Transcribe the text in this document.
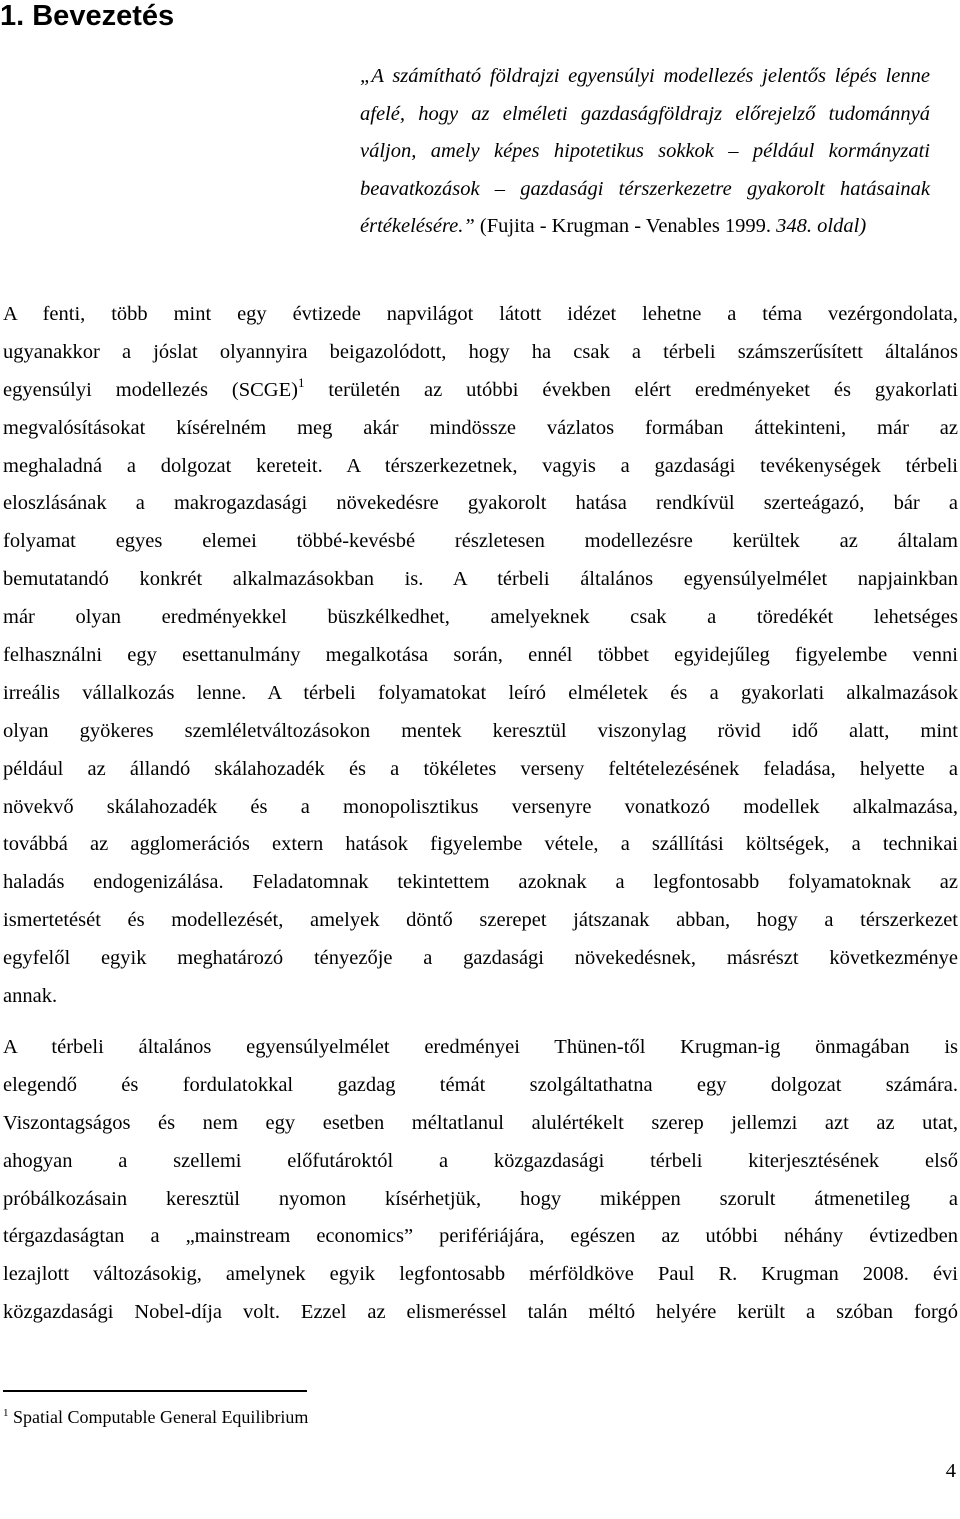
1. Bevezetés

„A számítható földrajzi egyensúlyi modellezés jelentős lépés lenne afelé, hogy az elméleti gazdaságföldrajz előrejelző tudománnyá váljon, amely képes hipotetikus sokkok – például kormányzati beavatkozások – gazdasági térszerkezetre gyakorolt hatásainak értékelésére.” (Fujita - Krugman - Venables 1999. 348. oldal)

A fenti, több mint egy évtizede napvilágot látott idézet lehetne a téma vezérgondolata,
ugyanakkor a jóslat olyannyira beigazolódott, hogy ha csak a térbeli számszerűsített általános
egyensúlyi modellezés (SCGE)$^1$ területén az utóbbi években elért eredményeket és gyakorlati
megvalósításokat kísérelném meg akár mindössze vázlatos formában áttekinteni, már az
meghaladná a dolgozat kereteit. A térszerkezetnek, vagyis a gazdasági tevékenységek térbeli
eloszlásának a makrogazdasági növekedésre gyakorolt hatása rendkívül szerteágazó, bár a
folyamat egyes elemei többé-kevésbé részletesen modellezésre kerültek az általam
bemutatandó konkrét alkalmazásokban is. A térbeli általános egyensúlyelmélet napjainkban
már olyan eredményekkel büszkélkedhet, amelyeknek csak a töredékét lehetséges
felhasználni egy esettanulmány megalkotása során, ennél többet egyidejűleg figyelembe venni
irreális vállalkozás lenne. A térbeli folyamatokat leíró elméletek és a gyakorlati alkalmazások
olyan gyökeres szemléletváltozásokon mentek keresztül viszonylag rövid idő alatt, mint
például az állandó skálahozadék és a tökéletes verseny feltételezésének feladása, helyette a
növekvő skálahozadék és a monopolisztikus versenyre vonatkozó modellek alkalmazása,
továbbá az agglomerációs extern hatások figyelembe vétele, a szállítási költségek, a technikai
haladás endogenizálása. Feladatomnak tekintettem azoknak a legfontosabb folyamatoknak az
ismertetését és modellezését, amelyek döntő szerepet játszanak abban, hogy a térszerkezet
egyfelől egyik meghatározó tényezője a gazdasági növekedésnek, másrészt következménye
annak.
A térbeli általános egyensúlyelmélet eredményei Thünen-től Krugman-ig önmagában is
elegendő és fordulatokkal gazdag témát szolgáltathatna egy dolgozat számára.
Viszontagságos és nem egy esetben méltatlanul alulértékelt szerep jellemzi azt az utat,
ahogyan a szellemi előfutároktól a közgazdasági térbeli kiterjesztésének első
próbálkozásain keresztül nyomon kísérhetjük, hogy miképpen szorult átmenetileg a
térgazdaságtan a „mainstream economics” perifériájára, egészen az utóbbi néhány évtizedben
lezajlott változásokig, amelynek egyik legfontosabb mérföldköve Paul R. Krugman 2008. évi
közgazdasági Nobel-díja volt. Ezzel az elismeréssel talán méltó helyére került a szóban forgó

$^1$ Spatial Computable General Equilibrium

4
